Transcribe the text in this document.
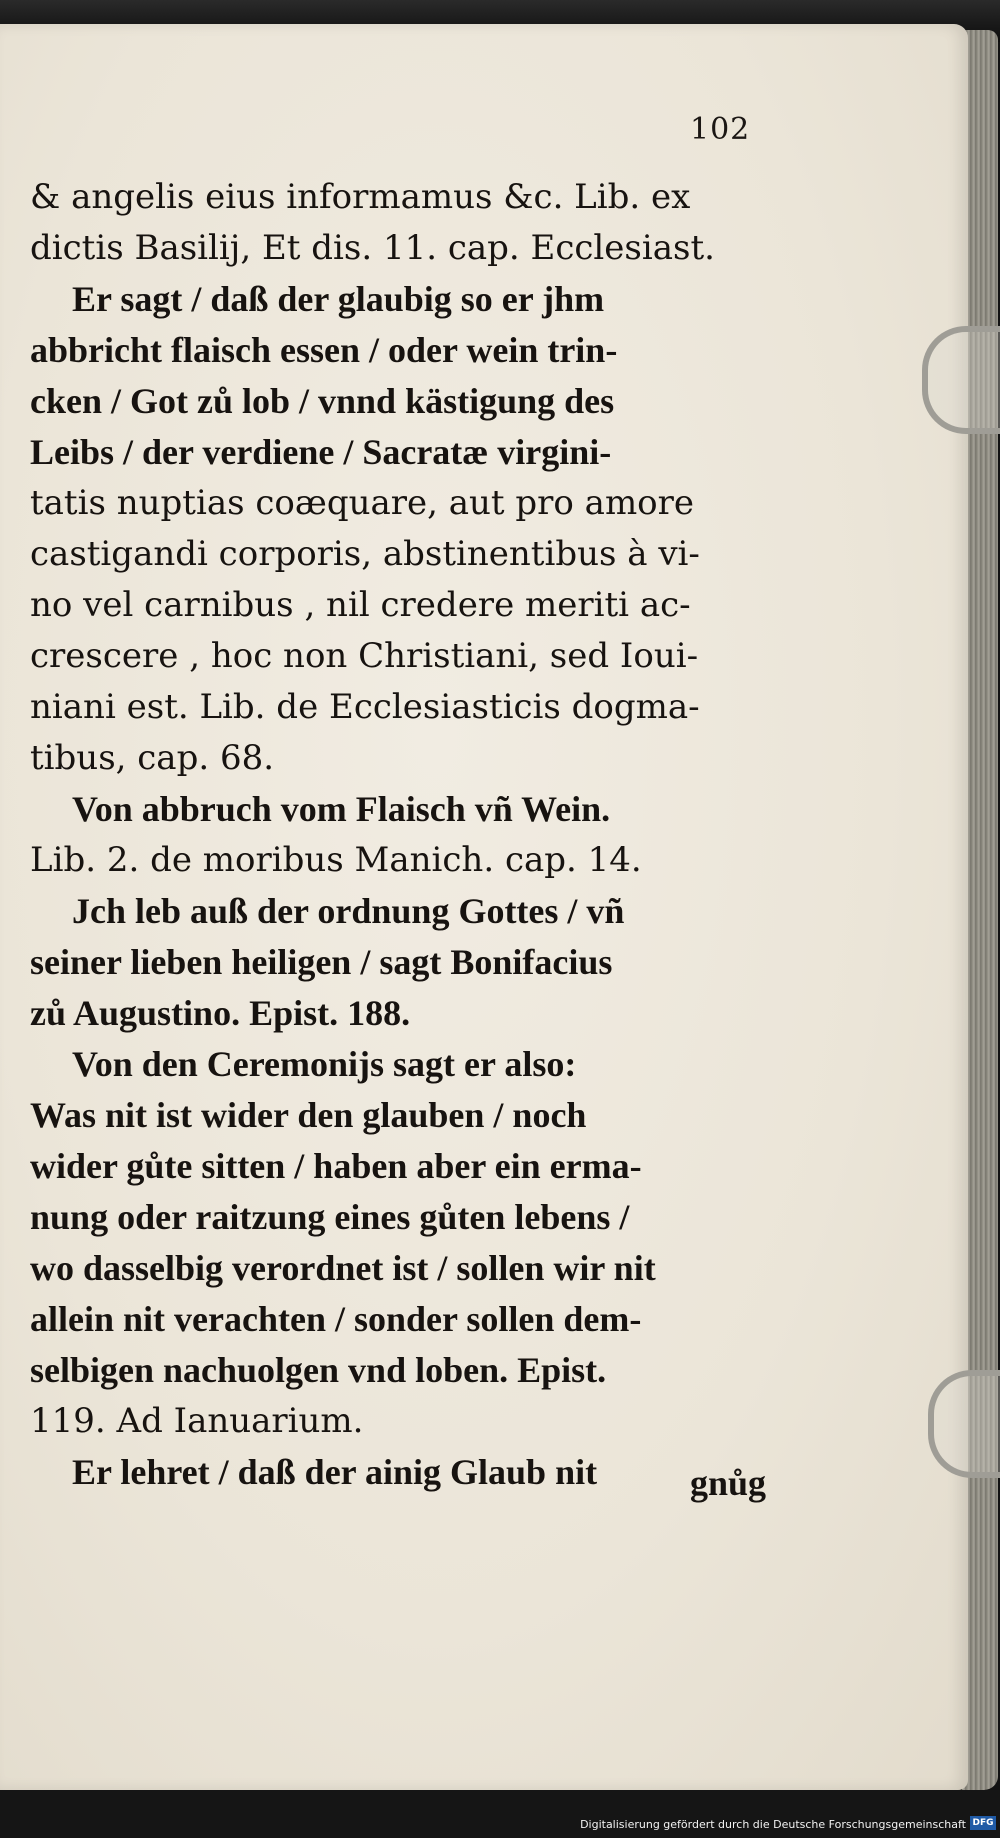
102
& angelis eius informamus &c. Lib. ex
dictis Basilij, Et dis. 11. cap. Ecclesiast.
Er sagt / daß der glaubig so er jhm
abbricht flaisch essen / oder wein trin-
cken / Got zů lob / vnnd kästigung des
Leibs / der verdiene / Sacratæ virgini-
tatis nuptias coæquare, aut pro amore
castigandi corporis, abstinentibus à vi-
no vel carnibus , nil credere meriti ac-
crescere , hoc non Christiani, sed Ioui-
niani est. Lib. de Ecclesiasticis dogma-
tibus, cap. 68.
Von abbruch vom Flaisch vñ Wein.
Lib. 2. de moribus Manich. cap. 14.
Jch leb auß der ordnung Gottes / vñ
seiner lieben heiligen / sagt Bonifacius
zů Augustino. Epist. 188.
Von den Ceremonijs sagt er also:
Was nit ist wider den glauben / noch
wider gůte sitten / haben aber ein erma-
nung oder raitzung eines gůten lebens /
wo dasselbig verordnet ist / sollen wir nit
allein nit verachten / sonder sollen dem-
selbigen nachuolgen vnd loben. Epist.
119. Ad Ianuarium.
Er lehret / daß der ainig Glaub nit	gnůg
Digitalisierung gefördert durch die Deutsche Forschungsgemeinschaft DFG
